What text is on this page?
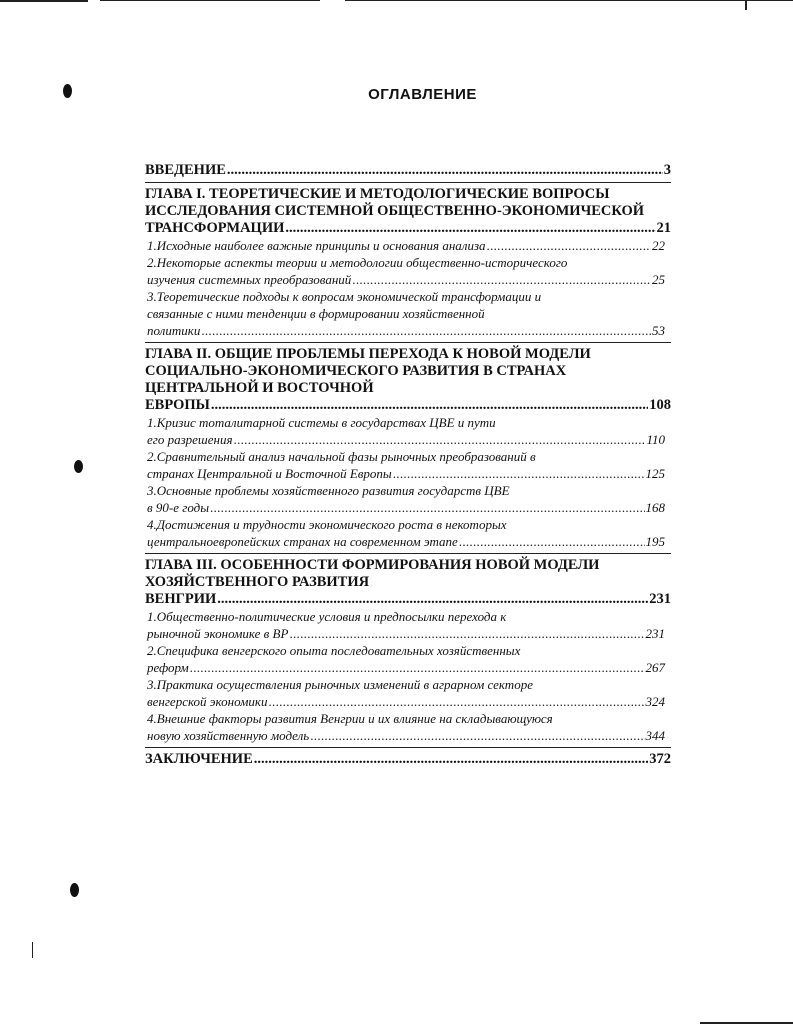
ОГЛАВЛЕНИЕ
ВВЕДЕНИЕ .....	3
ГЛАВА I. ТЕОРЕТИЧЕСКИЕ И МЕТОДОЛОГИЧЕСКИЕ ВОПРОСЫ
ИССЛЕДОВАНИЯ СИСТЕМНОЙ ОБЩЕСТВЕННО-ЭКОНОМИЧЕСКОЙ
ТРАНСФОРМАЦИИ .....	21
1.Исходные наиболее важные принципы и основания анализа .....	22
2.Некоторые аспекты теории и методологии общественно-исторического
изучения системных преобразований .....	25
3.Теоретические подходы к вопросам экономической трансформации и
связанные с ними тенденции в формировании хозяйственной
политики .....	53
ГЛАВА II. ОБЩИЕ ПРОБЛЕМЫ ПЕРЕХОДА К НОВОЙ МОДЕЛИ
СОЦИАЛЬНО-ЭКОНОМИЧЕСКОГО РАЗВИТИЯ В СТРАНАХ
ЦЕНТРАЛЬНОЙ И ВОСТОЧНОЙ
ЕВРОПЫ .....	108
1.Кризис тоталитарной системы в государствах ЦВЕ и пути
его разрешения .....	110
2.Сравнительный анализ начальной фазы рыночных преобразований в
странах Центральной и Восточной Европы .....	125
3.Основные проблемы хозяйственного развития государств ЦВЕ
в 90-е годы .....	168
4.Достижения и трудности экономического роста в некоторых
центральноевропейских странах на современном этапе .....	195
ГЛАВА III. ОСОБЕННОСТИ ФОРМИРОВАНИЯ НОВОЙ МОДЕЛИ
ХОЗЯЙСТВЕННОГО РАЗВИТИЯ
ВЕНГРИИ .....	231
1.Общественно-политические условия и предпосылки перехода к
рыночной экономике в ВР .....	231
2.Специфика венгерского опыта последовательных хозяйственных
реформ .....	267
3.Практика осуществления рыночных изменений в аграрном секторе
венгерской экономики .....	324
4.Внешние факторы развития Венгрии и их влияние на складывающуюся
новую хозяйственную модель .....	344
ЗАКЛЮЧЕНИЕ .....	372
